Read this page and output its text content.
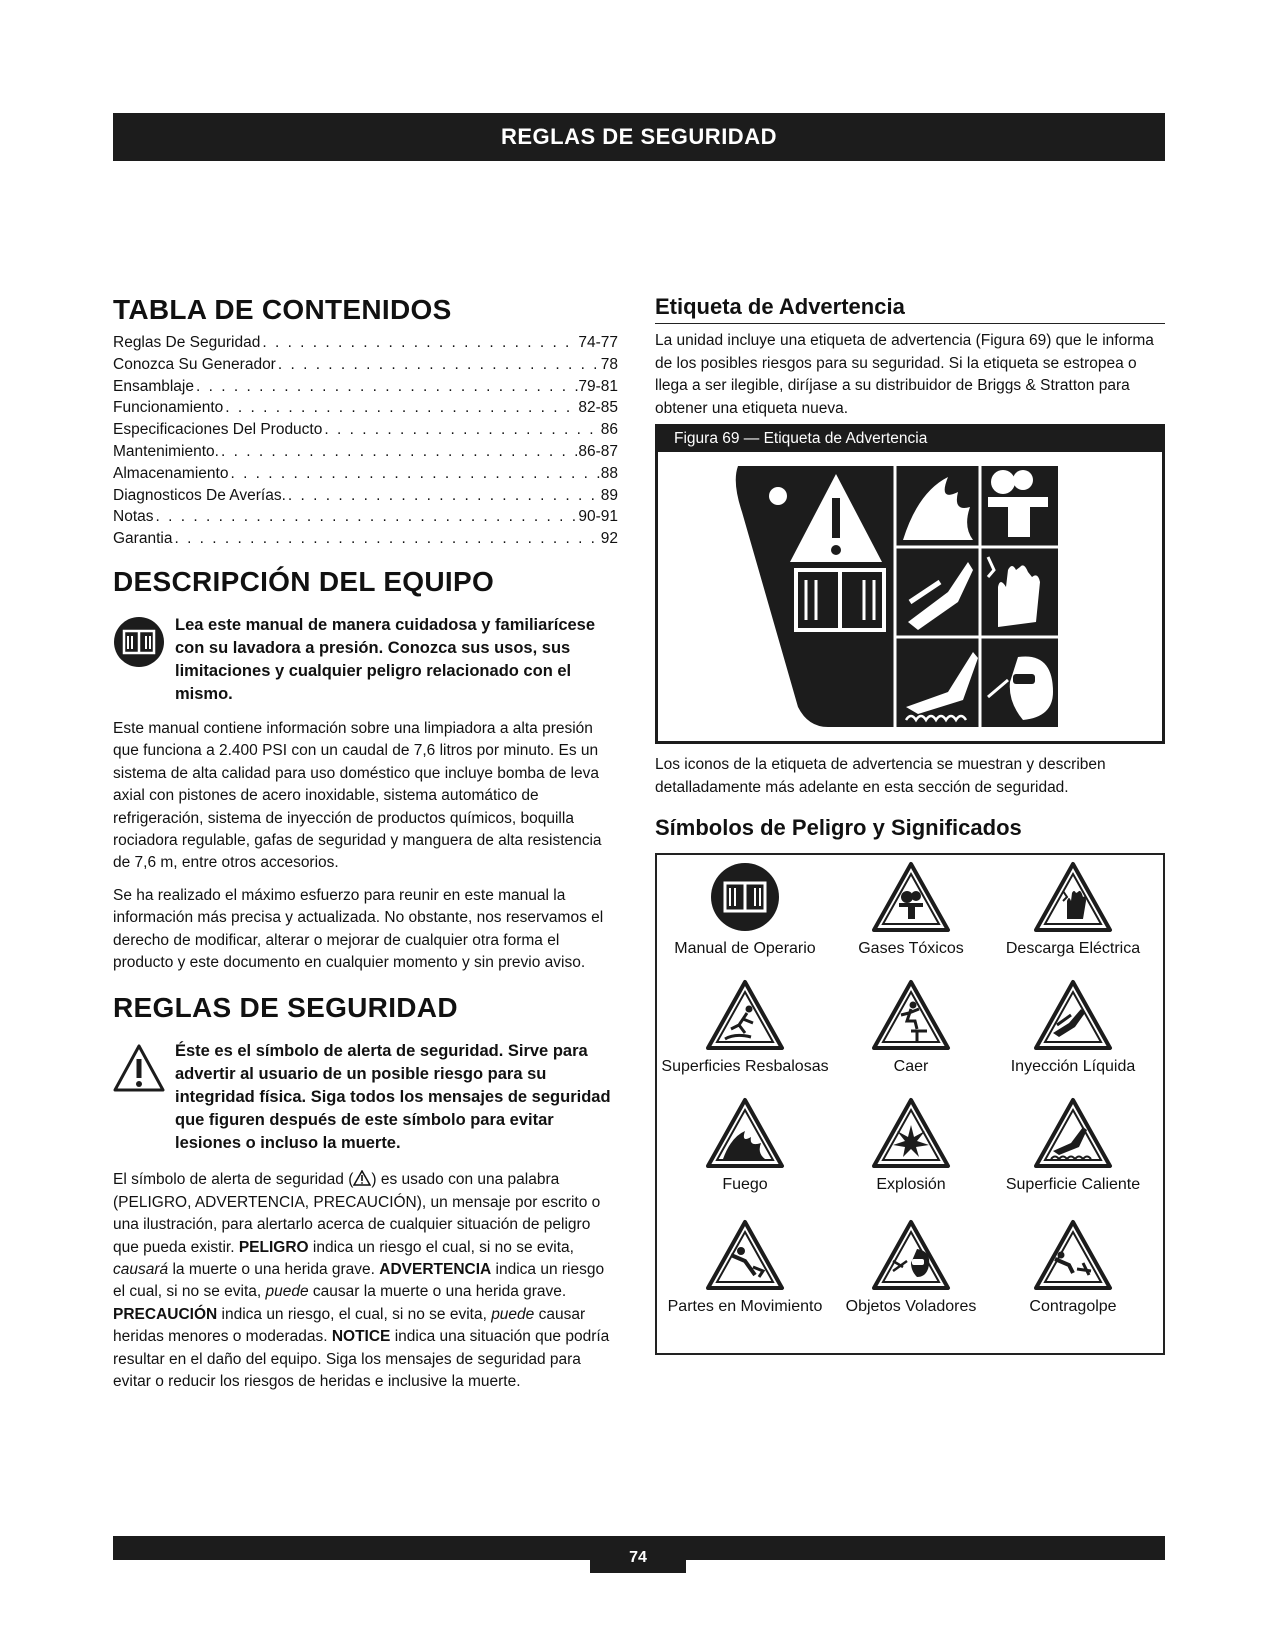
REGLAS DE SEGURIDAD
TABLA DE CONTENIDOS
Reglas De Seguridad . . .	74-77
Conozca Su Generador . . .	78
Ensamblaje . . .	79-81
Funcionamiento . . .	82-85
Especificaciones Del Producto . . .	86
Mantenimiento. . . .	86-87
Almacenamiento . . .	88
Diagnosticos De Averías. . . .	89
Notas . . .	90-91
Garantia . . .	92
DESCRIPCIÓN DEL EQUIPO
Lea este manual de manera cuidadosa y familiarícese con su lavadora a presión. Conozca sus usos, sus limitaciones y cualquier peligro relacionado con el mismo.

Este manual contiene información sobre una limpiadora a alta presión que funciona a 2.400 PSI con un caudal de 7,6 litros por minuto. Es un sistema de alta calidad para uso doméstico que incluye bomba de leva axial con pistones de acero inoxidable, sistema automático de refrigeración, sistema de inyección de productos químicos, boquilla rociadora regulable, gafas de seguridad y manguera de alta resistencia de 7,6 m, entre otros accesorios.

Se ha realizado el máximo esfuerzo para reunir en este manual la información más precisa y actualizada. No obstante, nos reservamos el derecho de modificar, alterar o mejorar de cualquier otra forma el producto y este documento en cualquier momento y sin previo aviso.

REGLAS DE SEGURIDAD
Éste es el símbolo de alerta de seguridad. Sirve para advertir al usuario de un posible riesgo para su integridad física. Siga todos los mensajes de seguridad que figuren después de este símbolo para evitar lesiones o incluso la muerte.

El símbolo de alerta de seguridad ( ) es usado con una palabra (PELIGRO, ADVERTENCIA, PRECAUCIÓN), un mensaje por escrito o una ilustración, para alertarlo acerca de cualquier situación de peligro que pueda existir. PELIGRO indica un riesgo el cual, si no se evita, causará la muerte o una herida grave. ADVERTENCIA indica un riesgo el cual, si no se evita, puede causar la muerte o una herida grave. PRECAUCIÓN indica un riesgo, el cual, si no se evita, puede causar heridas menores o moderadas. NOTICE indica una situación que podría resultar en el daño del equipo. Siga los mensajes de seguridad para evitar o reducir los riesgos de heridas e inclusive la muerte.

Etiqueta de Advertencia

La unidad incluye una etiqueta de advertencia (Figura 69) que le informa de los posibles riesgos para su seguridad. Si la etiqueta se estropea o llega a ser ilegible, diríjase a su distribuidor de Briggs & Stratton para obtener una etiqueta nueva.

Figura 69 — Etiqueta de Advertencia

Los iconos de la etiqueta de advertencia se muestran y describen detalladamente más adelante en esta sección de seguridad.

Símbolos de Peligro y Significados
Manual de Operario	Gases Tóxicos	Descarga Eléctrica
Superficies Resbalosas	Caer	Inyección Líquida
Fuego	Explosión	Superficie Caliente
Partes en Movimiento	Objetos Voladores	Contragolpe
74
